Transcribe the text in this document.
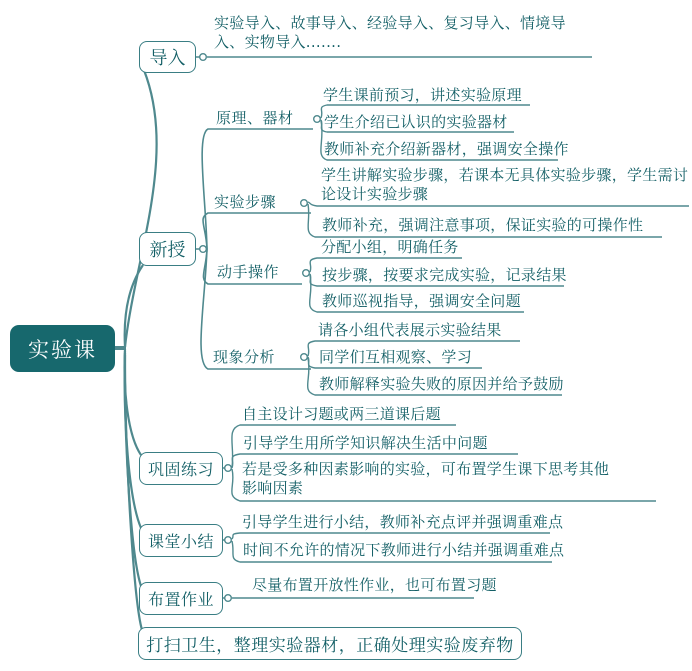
实验课
导入
实验导入、故事导入、经验导入、复习导入、情境导入、实物导入.......
新授
原理、器材
学生课前预习，讲述实验原理
学生介绍已认识的实验器材
教师补充介绍新器材，强调安全操作
实验步骤
学生讲解实验步骤，若课本无具体实验步骤，学生需讨论设计实验步骤
教师补充，强调注意事项，保证实验的可操作性
动手操作
分配小组，明确任务
按步骤，按要求完成实验，记录结果
教师巡视指导，强调安全问题
现象分析
请各小组代表展示实验结果
同学们互相观察、学习
教师解释实验失败的原因并给予鼓励
巩固练习
自主设计习题或两三道课后题
引导学生用所学知识解决生活中问题
若是受多种因素影响的实验，可布置学生课下思考其他影响因素
课堂小结
引导学生进行小结，教师补充点评并强调重难点
时间不允许的情况下教师进行小结并强调重难点
布置作业
尽量布置开放性作业，也可布置习题
打扫卫生，整理实验器材，正确处理实验废弃物
